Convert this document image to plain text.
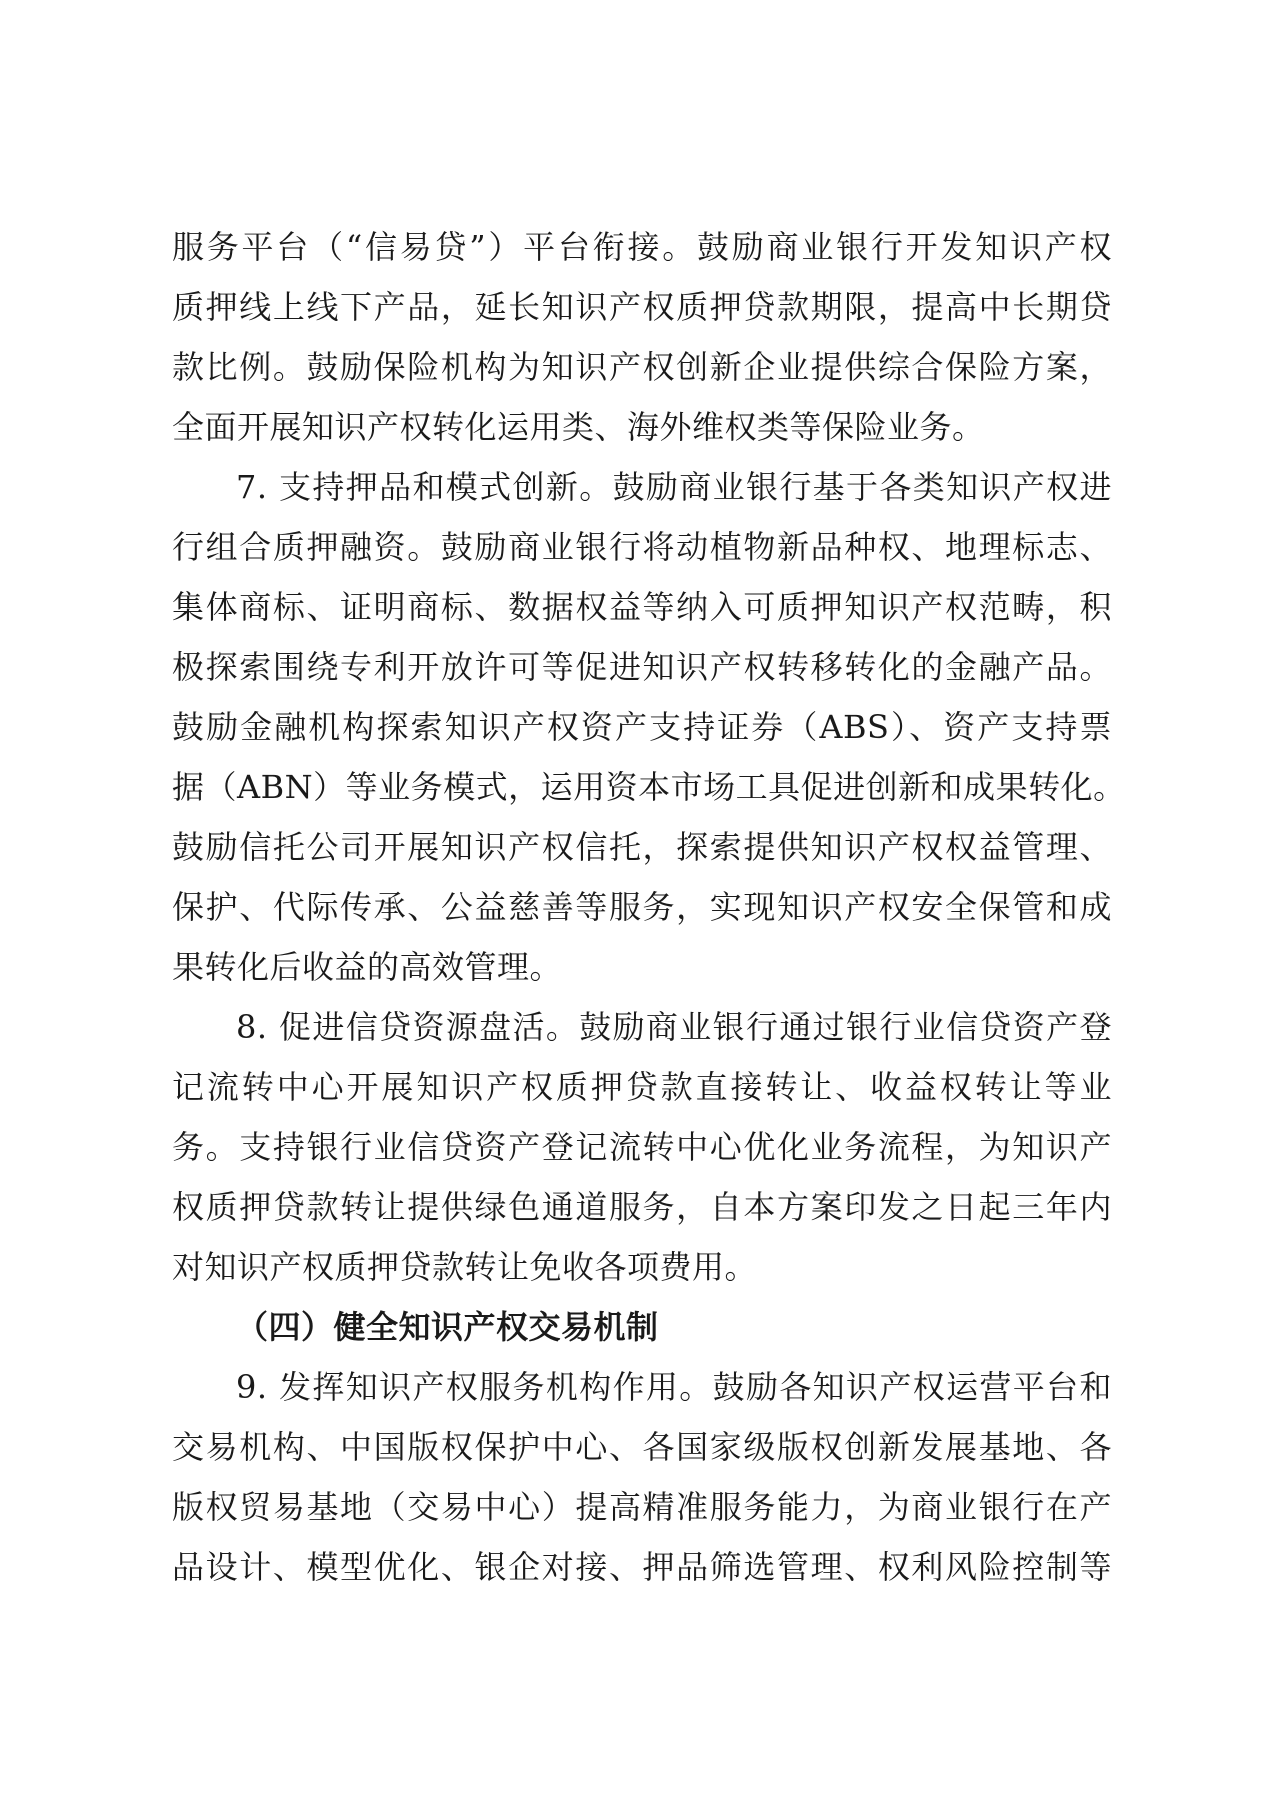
服务平台（“信易贷”）平台衔接。鼓励商业银行开发知识产权
质押线上线下产品，延长知识产权质押贷款期限，提高中长期贷
款比例。鼓励保险机构为知识产权创新企业提供综合保险方案，
全面开展知识产权转化运用类、海外维权类等保险业务。
7. 支持押品和模式创新。鼓励商业银行基于各类知识产权进
行组合质押融资。鼓励商业银行将动植物新品种权、地理标志、
集体商标、证明商标、数据权益等纳入可质押知识产权范畴，积
极探索围绕专利开放许可等促进知识产权转移转化的金融产品。
鼓励金融机构探索知识产权资产支持证券（ABS）、资产支持票
据（ABN）等业务模式，运用资本市场工具促进创新和成果转化。
鼓励信托公司开展知识产权信托，探索提供知识产权权益管理、
保护、代际传承、公益慈善等服务，实现知识产权安全保管和成
果转化后收益的高效管理。
8. 促进信贷资源盘活。鼓励商业银行通过银行业信贷资产登
记流转中心开展知识产权质押贷款直接转让、收益权转让等业
务。支持银行业信贷资产登记流转中心优化业务流程，为知识产
权质押贷款转让提供绿色通道服务，自本方案印发之日起三年内
对知识产权质押贷款转让免收各项费用。
（四）健全知识产权交易机制
9. 发挥知识产权服务机构作用。鼓励各知识产权运营平台和
交易机构、中国版权保护中心、各国家级版权创新发展基地、各
版权贸易基地（交易中心）提高精准服务能力，为商业银行在产
品设计、模型优化、银企对接、押品筛选管理、权利风险控制等
